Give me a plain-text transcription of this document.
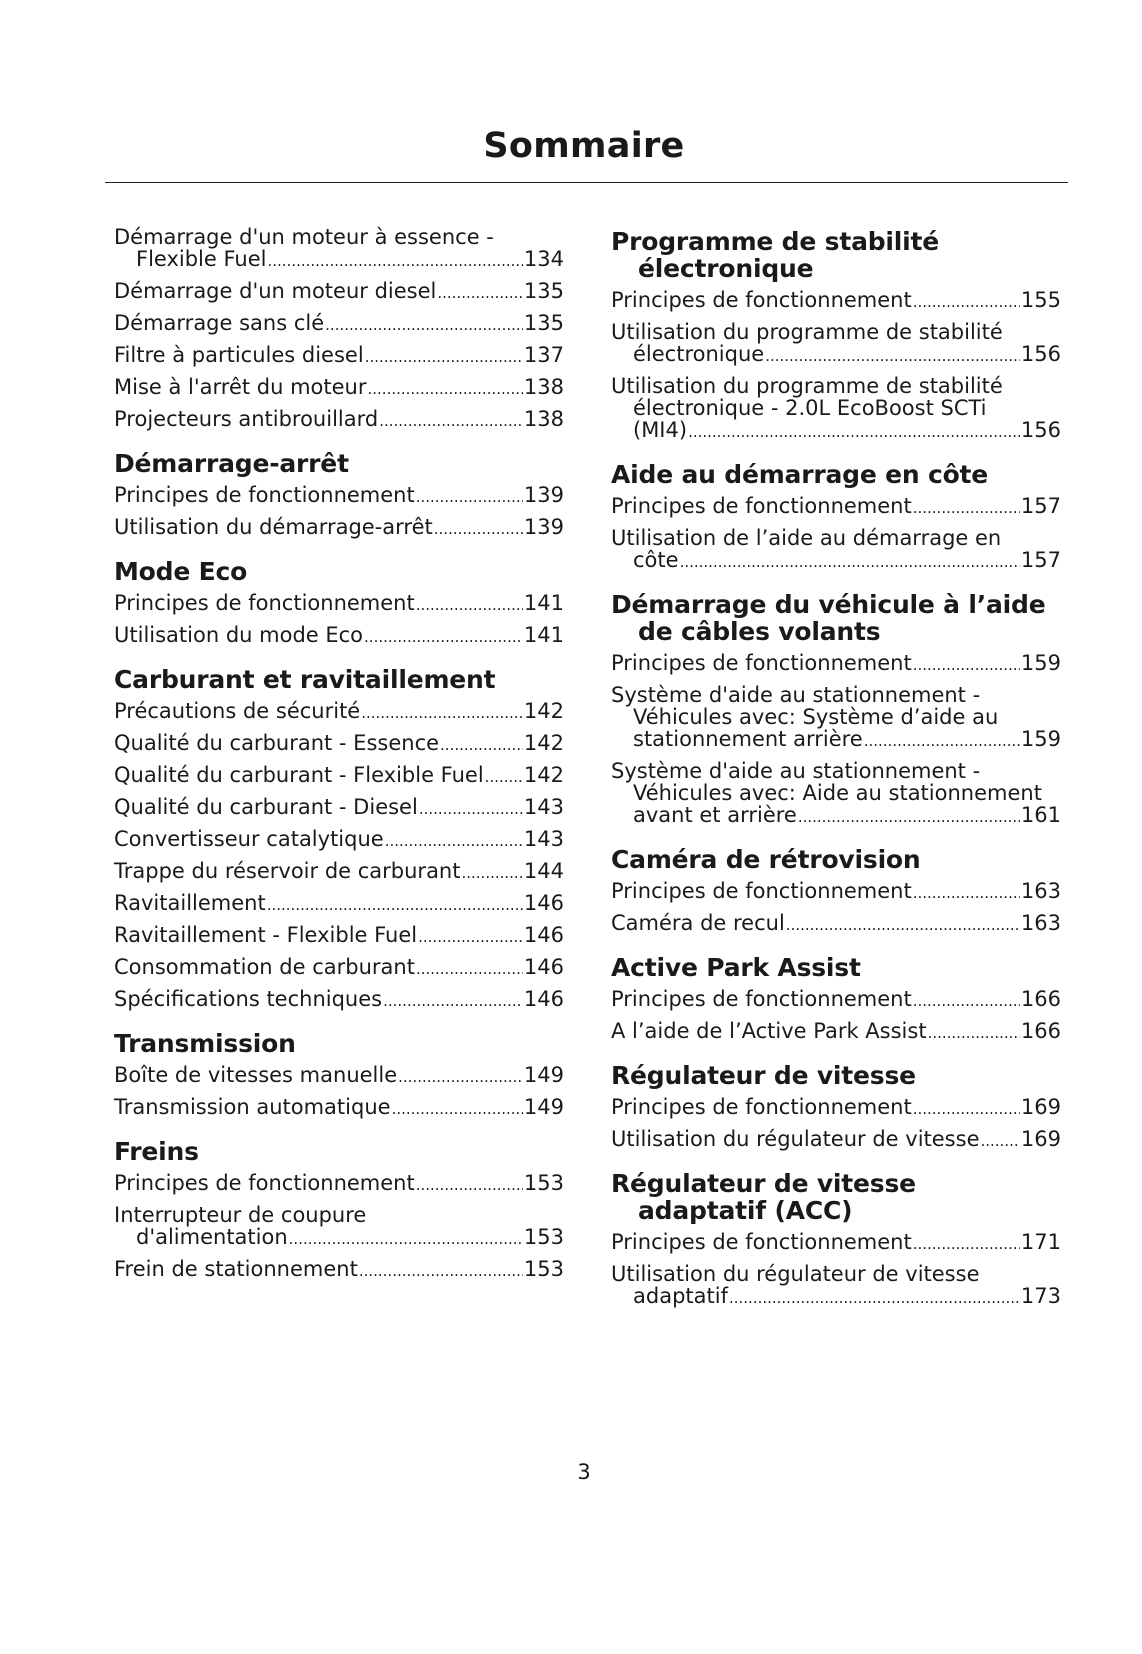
Sommaire
Démarrage d'un moteur à essence -
Flexible Fuel .....	134
Démarrage d'un moteur diesel .....	135
Démarrage sans clé .....	135
Filtre à particules diesel .....	137
Mise à l'arrêt du moteur .....	138
Projecteurs antibrouillard .....	138
Démarrage-arrêt
Principes de fonctionnement .....	139
Utilisation du démarrage-arrêt .....	139
Mode Eco
Principes de fonctionnement .....	141
Utilisation du mode Eco .....	141
Carburant et ravitaillement
Précautions de sécurité .....	142
Qualité du carburant - Essence .....	142
Qualité du carburant - Flexible Fuel ..... 142
Qualité du carburant - Diesel .....	143
Convertisseur catalytique .....	143
Trappe du réservoir de carburant .....	144
Ravitaillement .....	146
Ravitaillement - Flexible Fuel .....	146
Consommation de carburant .....	146
Spécifications techniques .....	146
Transmission
Boîte de vitesses manuelle .....	149
Transmission automatique .....	149
Freins
Principes de fonctionnement .....	153
Interrupteur de coupure
d'alimentation .....	153
Frein de stationnement .....	153
Programme de stabilité
électronique
Principes de fonctionnement .....	155
Utilisation du programme de stabilité
électronique .....	156
Utilisation du programme de stabilité
électronique - 2.0L EcoBoost SCTi
(MI4) .....	156
Aide au démarrage en côte
Principes de fonctionnement .....	157
Utilisation de l’aide au démarrage en
côte .....	157
Démarrage du véhicule à l’aide
de câbles volants
Principes de fonctionnement .....	159
Système d'aide au stationnement -
Véhicules avec: Système d’aide au
stationnement arrière .....	159
Système d'aide au stationnement -
Véhicules avec: Aide au stationnement
avant et arrière .....	161
Caméra de rétrovision
Principes de fonctionnement .....	163
Caméra de recul .....	163
Active Park Assist
Principes de fonctionnement .....	166
A l’aide de l’Active Park Assist .....	166
Régulateur de vitesse
Principes de fonctionnement .....	169
Utilisation du régulateur de vitesse ..... 169
Régulateur de vitesse
adaptatif (ACC)
Principes de fonctionnement .....	171
Utilisation du régulateur de vitesse
adaptatif .....	173

3
